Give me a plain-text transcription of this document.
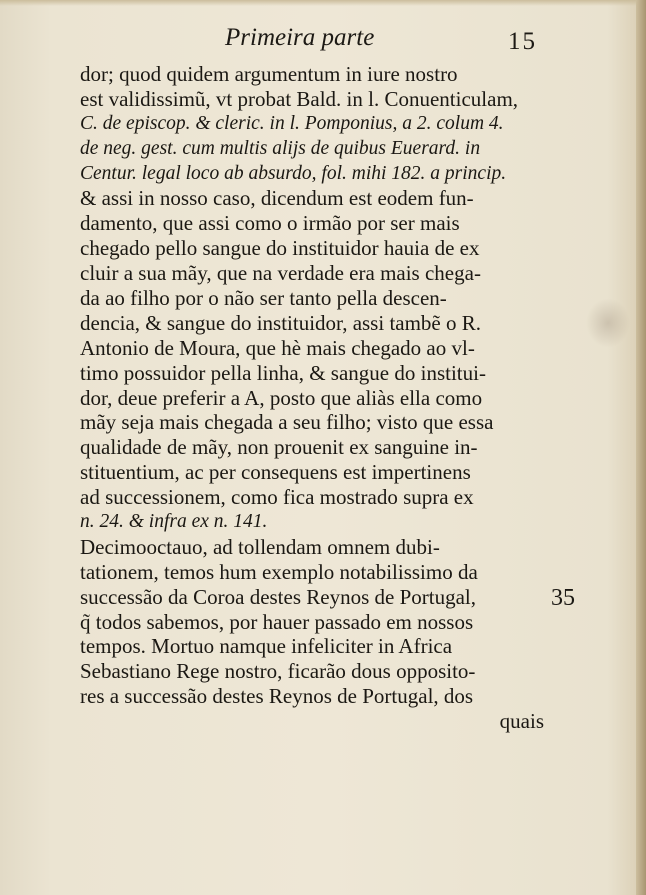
Primeira parte	15
dor; quod quidem argumentum in iure nostro
est validissimũ, vt probat Bald. in l. Conuenticulam,
C. de episcop. & cleric. in l. Pomponius, a 2. colum 4.
de neg. gest. cum multis alijs de quibus Euerard. in
Centur. legal loco ab absurdo, fol. mihi 182. a princip.
& assi in nosso caso, dicendum est eodem fun-
damento, que assi como o irmão por ser mais
chegado pello sangue do instituidor hauia de ex
cluir a sua mãy, que na verdade era mais chega-
da ao filho por o não ser tanto pella descen-
dencia, & sangue do instituidor, assi tambẽ o R.
Antonio de Moura, que hè mais chegado ao vl-
timo possuidor pella linha, & sangue do institui-
dor, deue preferir a A, posto que aliàs ella como
mãy seja mais chegada a seu filho; visto que essa
qualidade de mãy, non prouenit ex sanguine in-
stituentium, ac per consequens est impertinens
ad successionem, como fica mostrado supra ex
n. 24. & infra ex n. 141.
Decimooctauo, ad tollendam omnem dubi-
tationem, temos hum exemplo notabilissimo da
successão da Coroa destes Reynos de Portugal,
q̃ todos sabemos, por hauer passado em nossos
tempos. Mortuo namque infeliciter in Africa
Sebastiano Rege nostro, ficarão dous opposito-
res a successão destes Reynos de Portugal, dos
quais
35
